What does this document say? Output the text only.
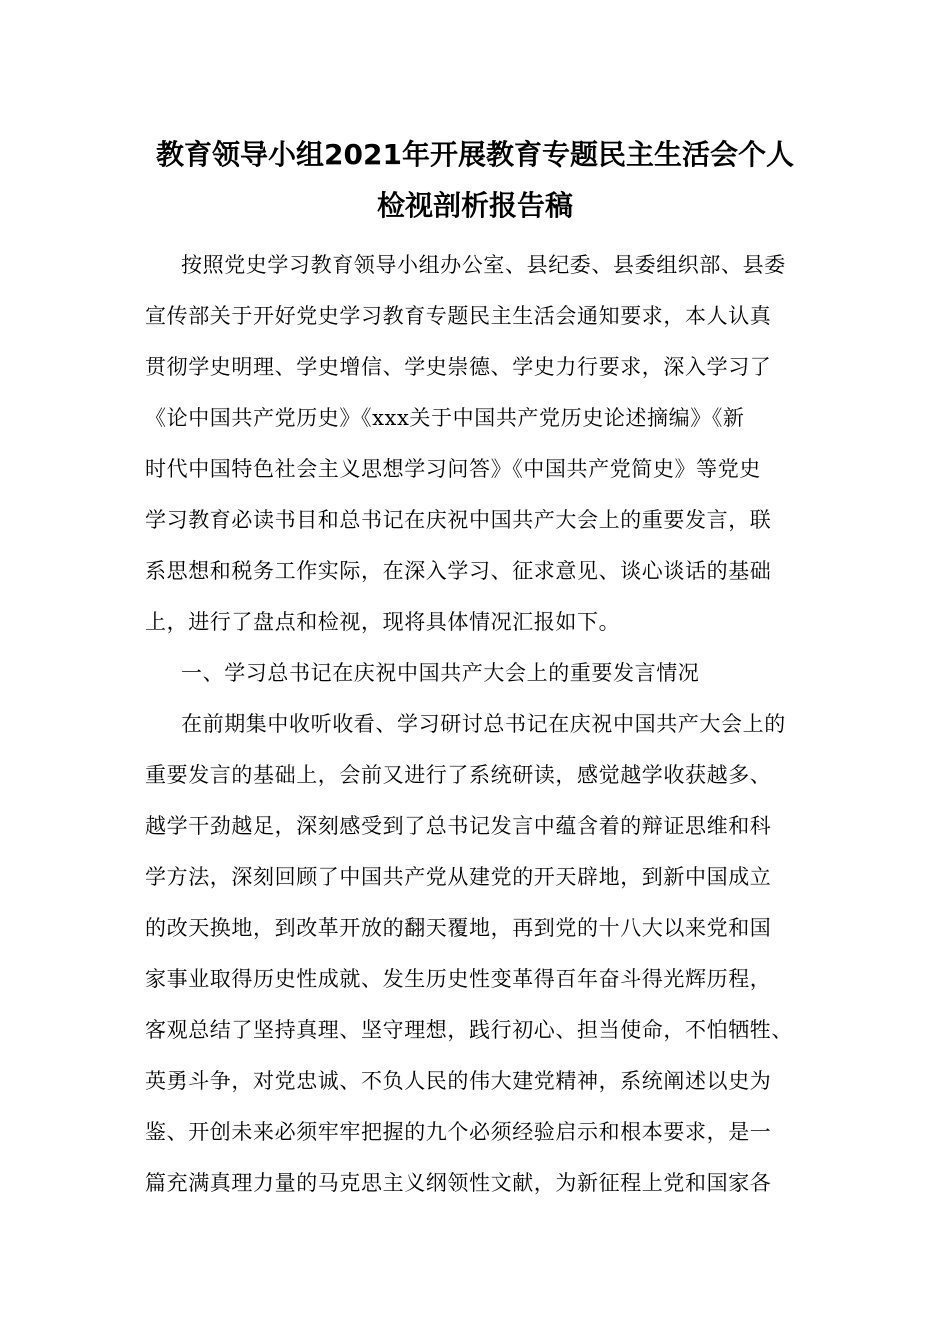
教育领导小组2021年开展教育专题民主生活会个人
检视剖析报告稿
按照党史学习教育领导小组办公室、县纪委、县委组织部、县委
宣传部关于开好党史学习教育专题民主生活会通知要求，本人认真
贯彻学史明理、学史增信、学史崇德、学史力行要求，深入学习了
《论中国共产党历史》《xxx关于中国共产党历史论述摘编》《新
时代中国特色社会主义思想学习问答》《中国共产党简史》等党史
学习教育必读书目和总书记在庆祝中国共产大会上的重要发言，联
系思想和税务工作实际，在深入学习、征求意见、谈心谈话的基础
上，进行了盘点和检视，现将具体情况汇报如下。
一、学习总书记在庆祝中国共产大会上的重要发言情况
在前期集中收听收看、学习研讨总书记在庆祝中国共产大会上的
重要发言的基础上，会前又进行了系统研读，感觉越学收获越多、
越学干劲越足，深刻感受到了总书记发言中蕴含着的辩证思维和科
学方法，深刻回顾了中国共产党从建党的开天辟地，到新中国成立
的改天换地，到改革开放的翻天覆地，再到党的十八大以来党和国
家事业取得历史性成就、发生历史性变革得百年奋斗得光辉历程，
客观总结了坚持真理、坚守理想，践行初心、担当使命，不怕牺牲、
英勇斗争，对党忠诚、不负人民的伟大建党精神，系统阐述以史为
鉴、开创未来必须牢牢把握的九个必须经验启示和根本要求，是一
篇充满真理力量的马克思主义纲领性文献，为新征程上党和国家各
